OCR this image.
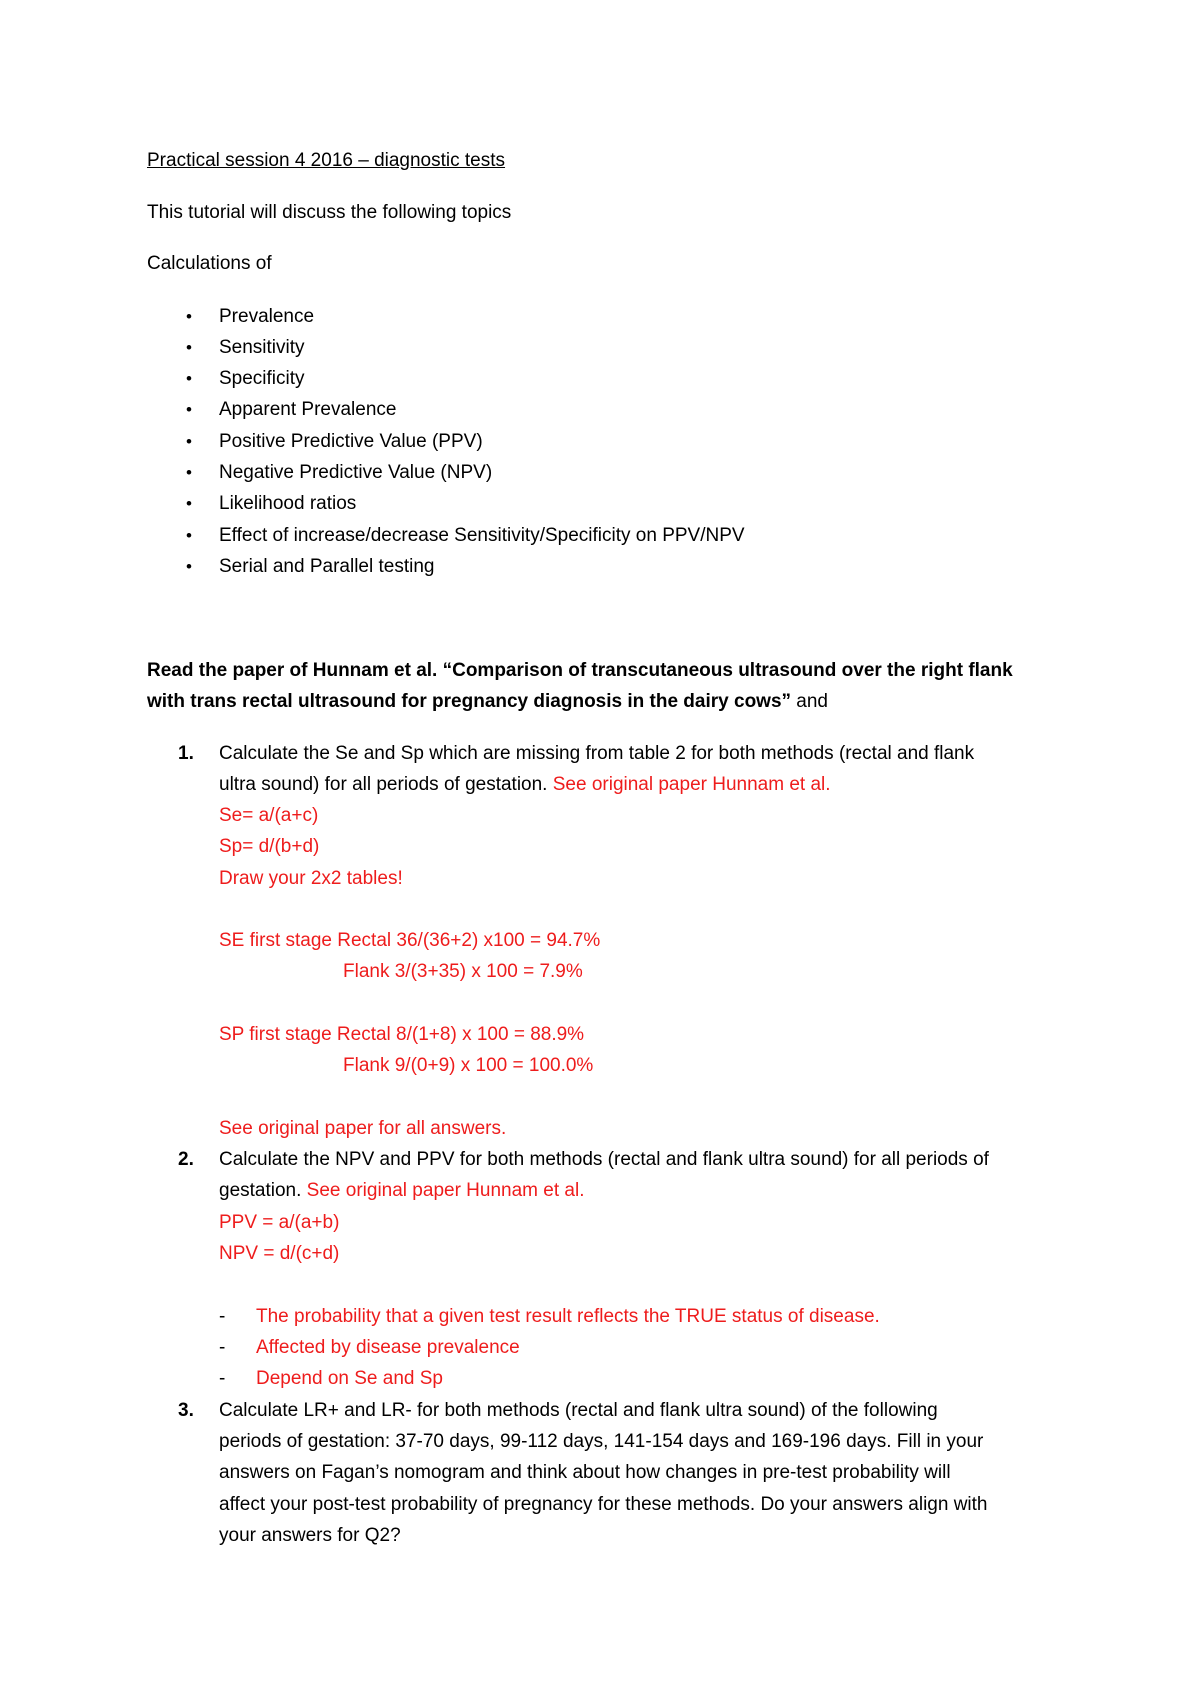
Practical session 4 2016 – diagnostic tests
This tutorial will discuss the following topics
Calculations of
• Prevalence
• Sensitivity
• Specificity
• Apparent Prevalence
• Positive Predictive Value (PPV)
• Negative Predictive Value (NPV)
• Likelihood ratios
• Effect of increase/decrease Sensitivity/Specificity on PPV/NPV
• Serial and Parallel testing
Read the paper of Hunnam et al. “Comparison of transcutaneous ultrasound over the right flank
with trans rectal ultrasound for pregnancy diagnosis in the dairy cows” and
1. Calculate the Se and Sp which are missing from table 2 for both methods (rectal and flank
ultra sound) for all periods of gestation. See original paper Hunnam et al.
Se= a/(a+c)
Sp= d/(b+d)
Draw your 2x2 tables!
SE first stage Rectal 36/(36+2) x100 = 94.7%
Flank 3/(3+35) x 100 = 7.9%
SP first stage Rectal 8/(1+8) x 100 = 88.9%
Flank 9/(0+9) x 100 = 100.0%
See original paper for all answers.
2. Calculate the NPV and PPV for both methods (rectal and flank ultra sound) for all periods of
gestation. See original paper Hunnam et al.
PPV = a/(a+b)
NPV = d/(c+d)
- The probability that a given test result reflects the TRUE status of disease.
- Affected by disease prevalence
- Depend on Se and Sp
3. Calculate LR+ and LR- for both methods (rectal and flank ultra sound) of the following
periods of gestation: 37-70 days, 99-112 days, 141-154 days and 169-196 days. Fill in your
answers on Fagan’s nomogram and think about how changes in pre-test probability will
affect your post-test probability of pregnancy for these methods. Do your answers align with
your answers for Q2?
